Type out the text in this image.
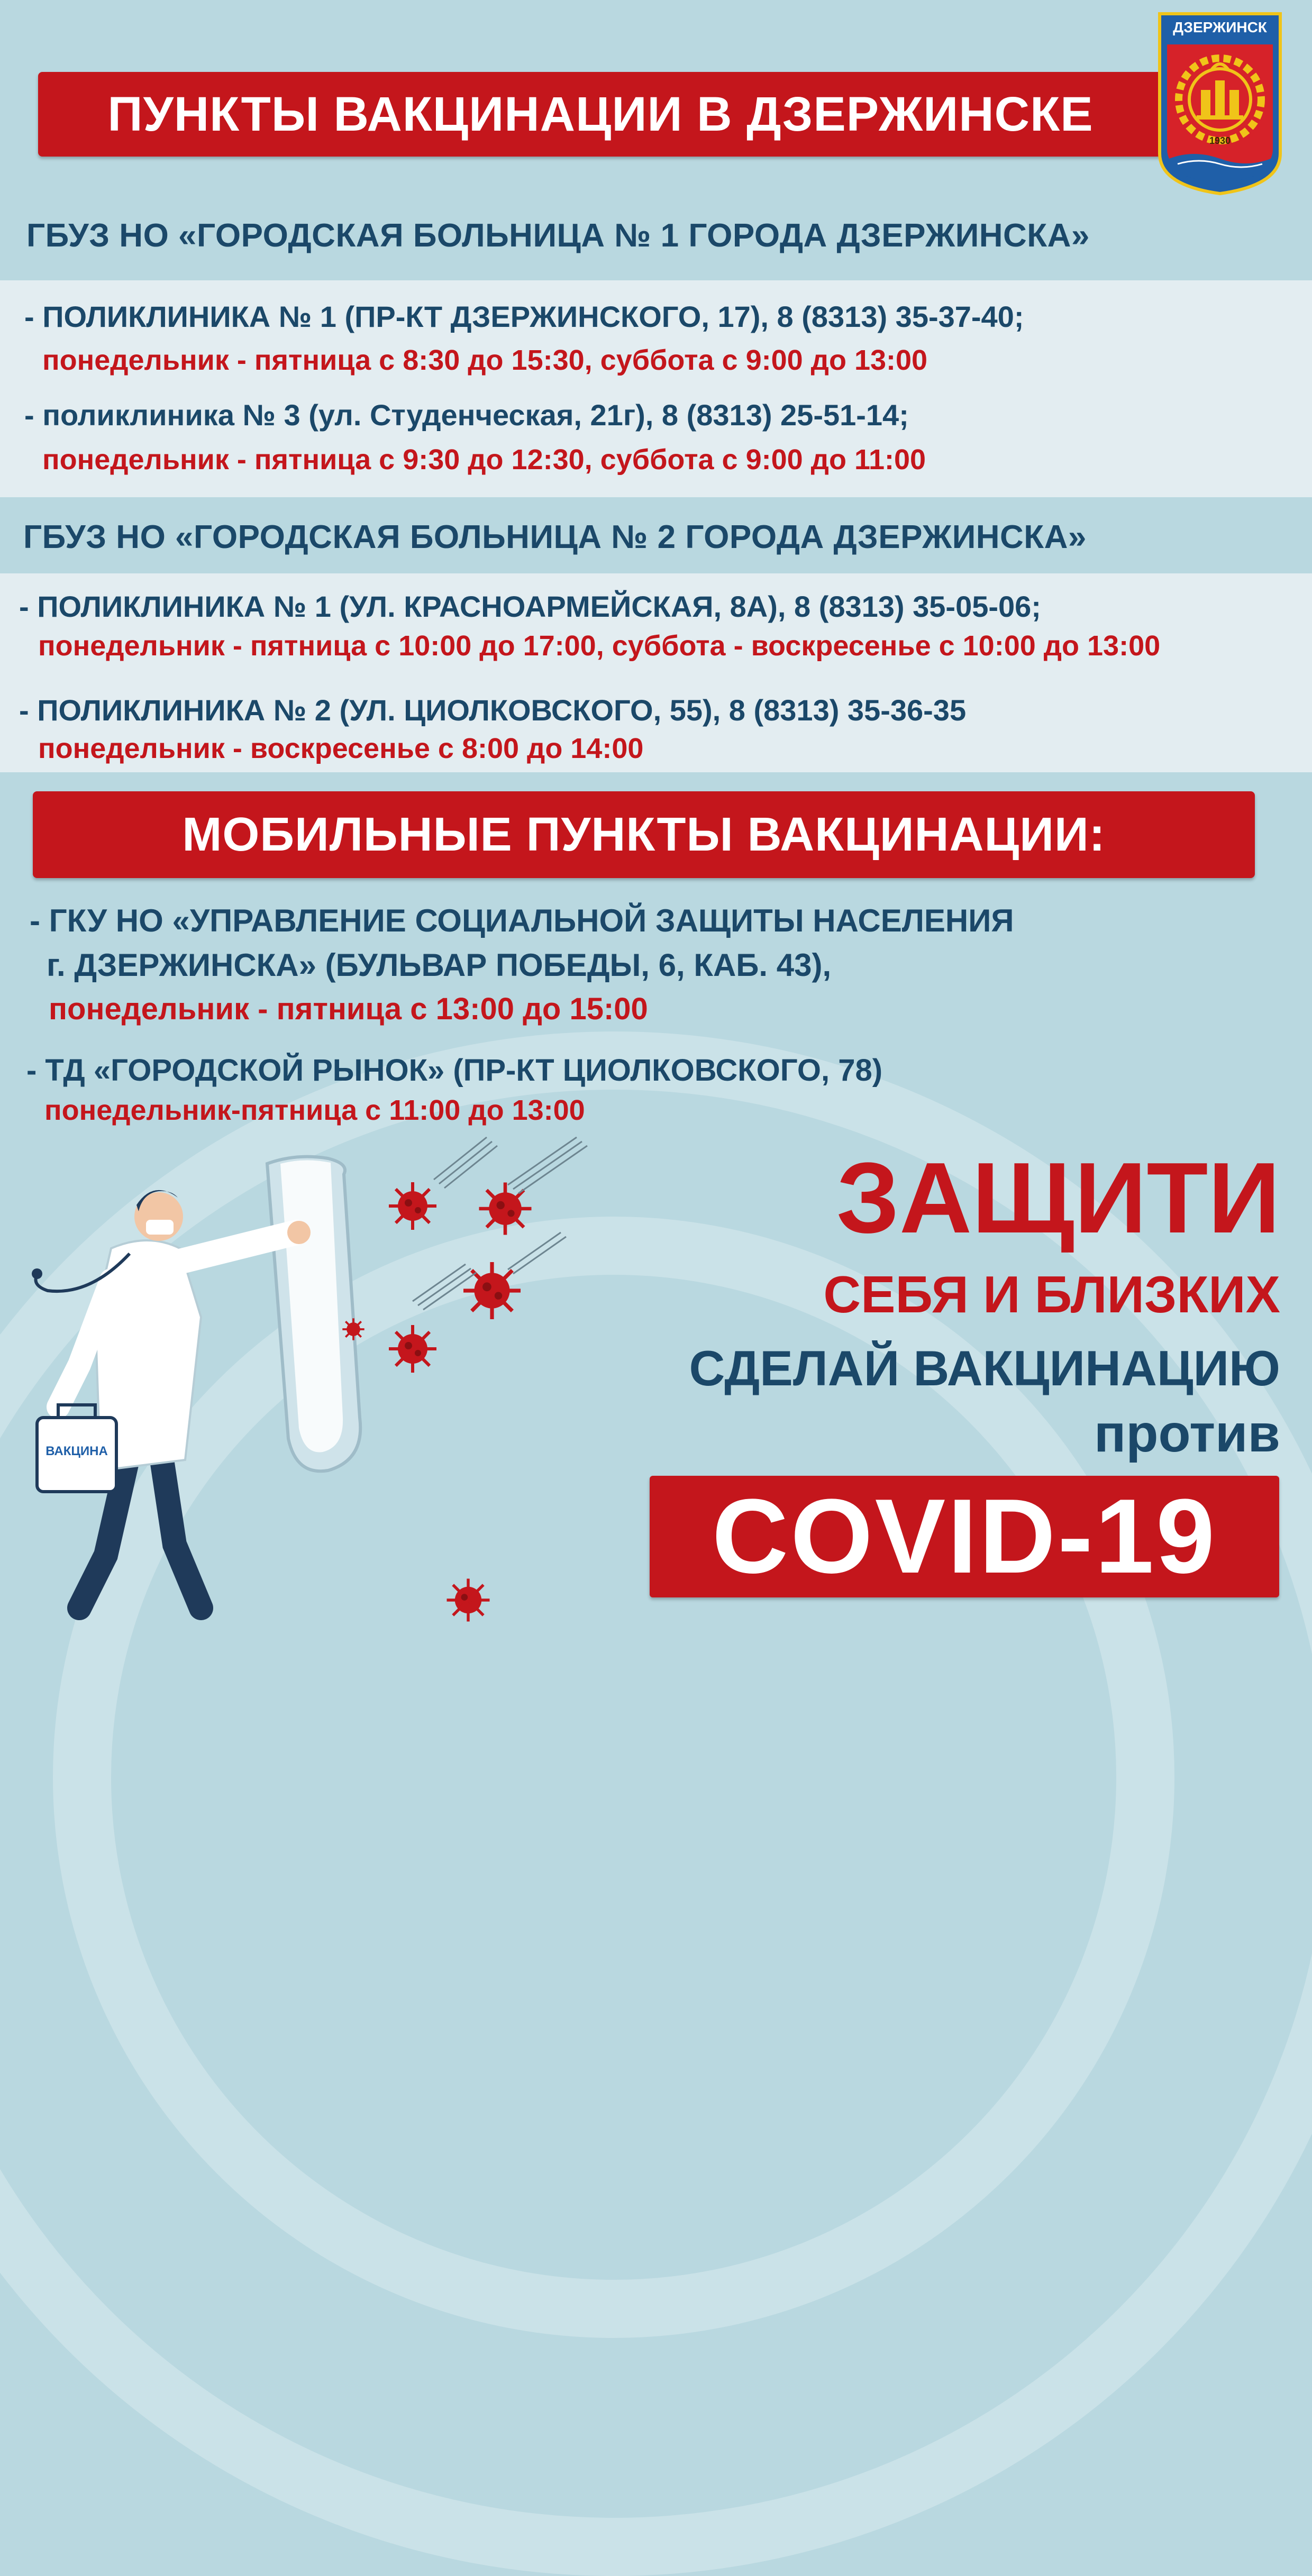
ПУНКТЫ ВАКЦИНАЦИИ В ДЗЕРЖИНСКЕ
ДЗЕРЖИНСК
1930
ГБУЗ НО «ГОРОДСКАЯ БОЛЬНИЦА № 1 ГОРОДА ДЗЕРЖИНСКА»
- ПОЛИКЛИНИКА № 1 (ПР-КТ ДЗЕРЖИНСКОГО, 17), 8 (8313) 35-37-40;
понедельник - пятница с 8:30 до 15:30, суббота с 9:00 до 13:00
- поликлиника № 3 (ул. Студенческая, 21г), 8 (8313) 25-51-14;
понедельник - пятница с 9:30 до 12:30, суббота с 9:00 до 11:00
ГБУЗ НО «ГОРОДСКАЯ БОЛЬНИЦА № 2 ГОРОДА ДЗЕРЖИНСКА»
- ПОЛИКЛИНИКА № 1 (УЛ. КРАСНОАРМЕЙСКАЯ, 8А), 8 (8313) 35-05-06;
понедельник - пятница с 10:00 до 17:00, суббота - воскресенье с 10:00 до 13:00
- ПОЛИКЛИНИКА № 2 (УЛ. ЦИОЛКОВСКОГО, 55), 8 (8313) 35-36-35
понедельник - воскресенье с 8:00 до 14:00
МОБИЛЬНЫЕ ПУНКТЫ ВАКЦИНАЦИИ:
- ГКУ НО «УПРАВЛЕНИЕ СОЦИАЛЬНОЙ ЗАЩИТЫ НАСЕЛЕНИЯ
г. ДЗЕРЖИНСКА» (БУЛЬВАР ПОБЕДЫ, 6, КАБ. 43),
понедельник - пятница с 13:00 до 15:00
- ТД «ГОРОДСКОЙ РЫНОК» (ПР-КТ ЦИОЛКОВСКОГО, 78)
понедельник-пятница с 11:00 до 13:00
ЗАЩИТИ
СЕБЯ И БЛИЗКИХ
СДЕЛАЙ ВАКЦИНАЦИЮ
против
COVID-19
ВАКЦИНА
